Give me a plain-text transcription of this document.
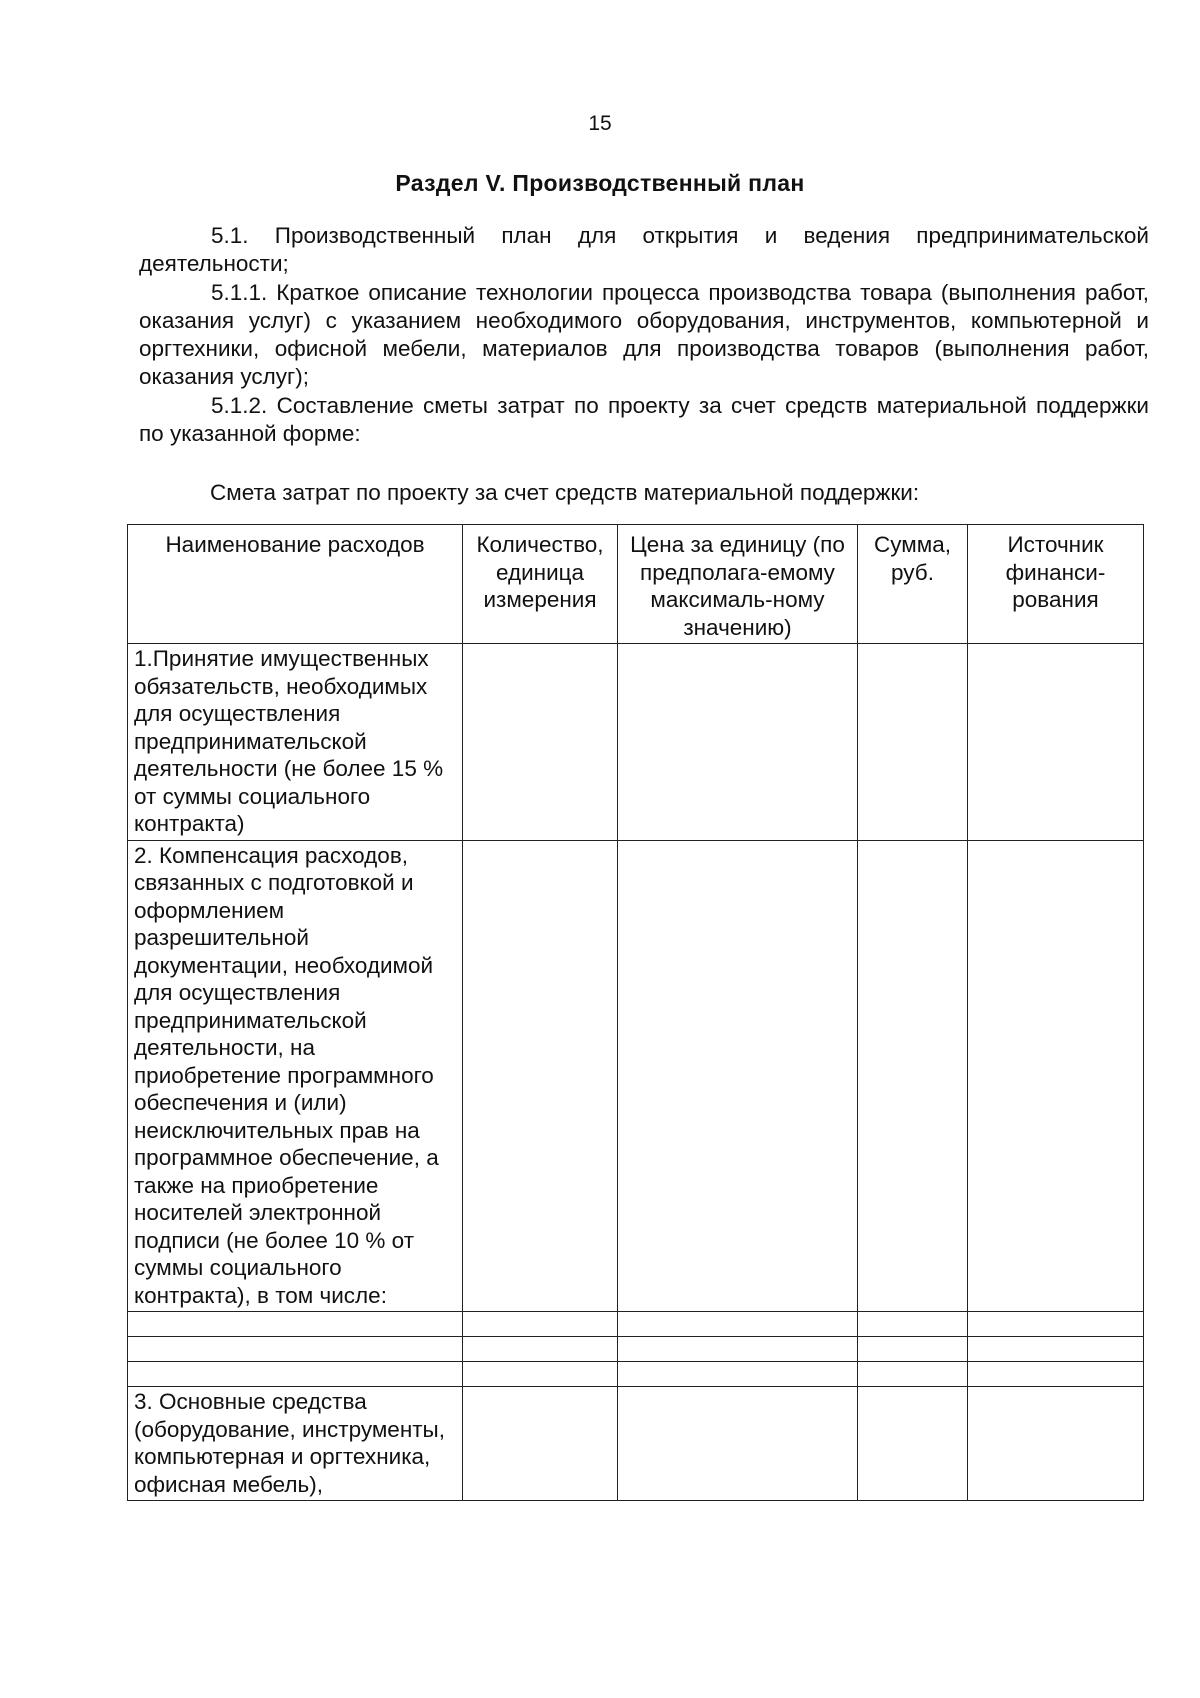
15
Раздел V. Производственный план

5.1. Производственный план для открытия и ведения предпринимательской деятельности;

5.1.1. Краткое описание технологии процесса производства товара (выполнения работ, оказания услуг) с указанием необходимого оборудования, инструментов, компьютерной и оргтехники, офисной мебели, материалов для производства товаров (выполнения работ, оказания услуг);

5.1.2. Составление сметы затрат по проекту за счет средств материальной поддержки по указанной форме:

Смета затрат по проекту за счет средств материальной поддержки:
Наименование расходов	Количество, единица измерения	Цена за единицу (по предполага-емому максималь-ному значению)	Сумма, руб.	Источник финанси-рования
1.Принятие имущественных обязательств, необходимых для осуществления предпринимательской деятельности (не более 15 % от суммы социального контракта)				
2. Компенсация расходов, связанных с подготовкой и оформлением разрешительной документации, необходимой для осуществления предпринимательской деятельности, на приобретение программного обеспечения и (или) неисключительных прав на программное обеспечение, а также на приобретение носителей электронной подписи (не более 10 % от суммы социального контракта), в том числе:				

3. Основные средства (оборудование, инструменты, компьютерная и оргтехника, офисная мебель),				
